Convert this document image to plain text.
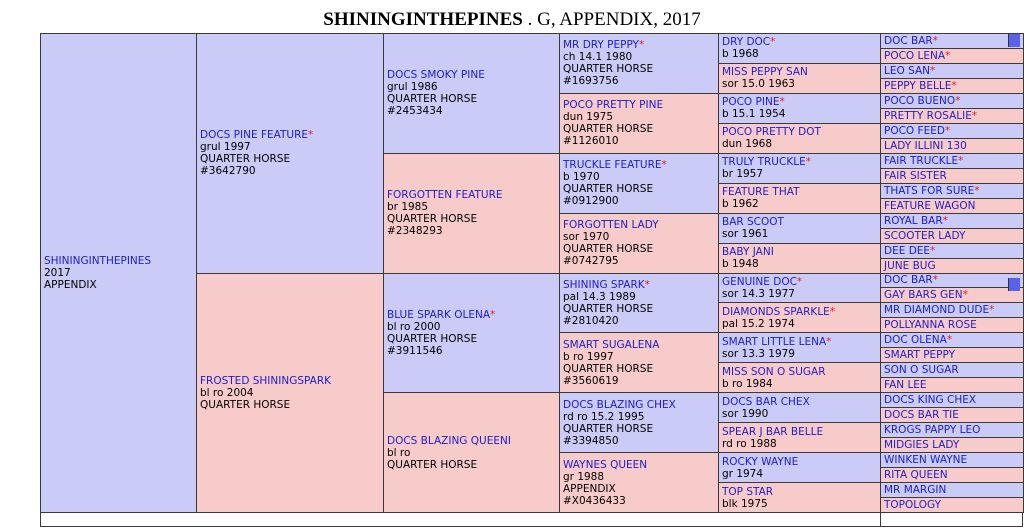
SHININGINTHEPINES . G, APPENDIX, 2017
SHININGINTHEPINES
2017
APPENDIX
DOCS PINE FEATURE*
grul 1997
QUARTER HORSE
#3642790
FROSTED SHININGSPARK
bl ro 2004
QUARTER HORSE
DOCS SMOKY PINE
grul 1986
QUARTER HORSE
#2453434
FORGOTTEN FEATURE
br 1985
QUARTER HORSE
#2348293
BLUE SPARK OLENA*
bl ro 2000
QUARTER HORSE
#3911546
DOCS BLAZING QUEENI
bl ro
QUARTER HORSE
MR DRY PEPPY*
ch 14.1 1980
QUARTER HORSE
#1693756
POCO PRETTY PINE
dun 1975
QUARTER HORSE
#1126010
TRUCKLE FEATURE*
b 1970
QUARTER HORSE
#0912900
FORGOTTEN LADY
sor 1970
QUARTER HORSE
#0742795
SHINING SPARK*
pal 14.3 1989
QUARTER HORSE
#2810420
SMART SUGALENA
b ro 1997
QUARTER HORSE
#3560619
DOCS BLAZING CHEX
rd ro 15.2 1995
QUARTER HORSE
#3394850
WAYNES QUEEN
gr 1988
APPENDIX
#X0436433
DRY DOC*
b 1968
MISS PEPPY SAN
sor 15.0 1963
POCO PINE*
b 15.1 1954
POCO PRETTY DOT
dun 1968
TRULY TRUCKLE*
br 1957
FEATURE THAT
b 1962
BAR SCOOT
sor 1961
BABY JANI
b 1948
GENUINE DOC*
sor 14.3 1977
DIAMONDS SPARKLE*
pal 15.2 1974
SMART LITTLE LENA*
sor 13.3 1979
MISS SON O SUGAR
b ro 1984
DOCS BAR CHEX
sor 1990
SPEAR J BAR BELLE
rd ro 1988
ROCKY WAYNE
gr 1974
TOP STAR
blk 1975
DOC BAR*
POCO LENA*
LEO SAN*
PEPPY BELLE*
POCO BUENO*
PRETTY ROSALIE*
POCO FEED*
LADY ILLINI 130
FAIR TRUCKLE*
FAIR SISTER
THATS FOR SURE*
FEATURE WAGON
ROYAL BAR*
SCOOTER LADY
DEE DEE*
JUNE BUG
DOC BAR*
GAY BARS GEN*
MR DIAMOND DUDE*
POLLYANNA ROSE
DOC OLENA*
SMART PEPPY
SON O SUGAR
FAN LEE
DOCS KING CHEX
DOCS BAR TIE
KROGS PAPPY LEO
MIDGIES LADY
WINKEN WAYNE
RITA QUEEN
MR MARGIN
TOPOLOGY
